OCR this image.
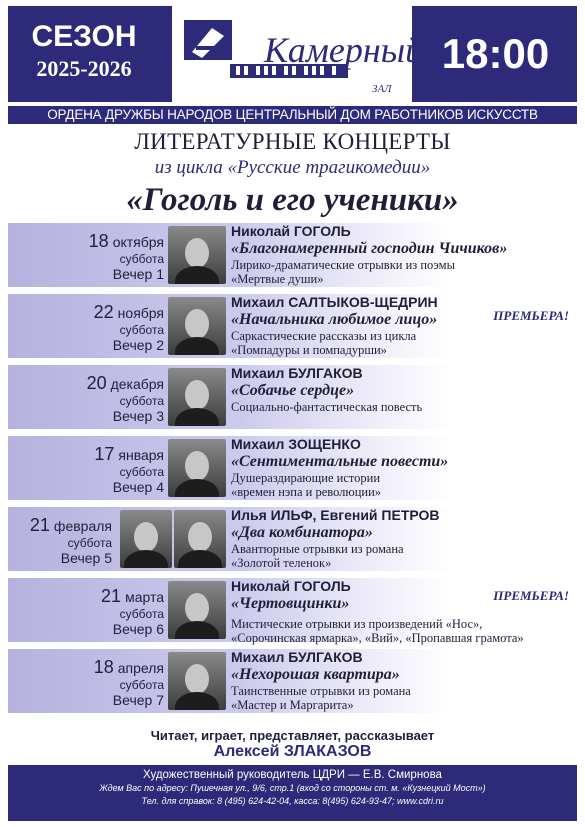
СЕЗОН
2025-2026	Камерный
ЗАЛ
18:00
ОРДЕНА ДРУЖБЫ НАРОДОВ ЦЕНТРАЛЬНЫЙ ДОМ РАБОТНИКОВ ИСКУССТВ
ЛИТЕРАТУРНЫЕ КОНЦЕРТЫ
из цикла «Русские трагикомедии»
«Гоголь и его ученики»
18 октября
суббота
Вечер 1
Николай ГОГОЛЬ
«Благонамеренный господин Чичиков»
Лирико-драматические отрывки из поэмы
«Мертвые души»
22 ноября
суббота
Вечер 2
Михаил САЛТЫКОВ-ЩЕДРИН
«Начальника любимое лицо»
Саркастические рассказы из цикла
«Помпадуры и помпадурши»
ПРЕМЬЕРА!
20 декабря
суббота
Вечер 3
Михаил БУЛГАКОВ
«Собачье сердце»
Социально-фантастическая повесть
17 января
суббота
Вечер 4
Михаил ЗОЩЕНКО
«Сентиментальные повести»
Душераздирающие истории
«времен нэпа и революции»
21 февраля
суббота
Вечер 5
Илья ИЛЬФ, Евгений ПЕТРОВ
«Два комбинатора»
Авантюрные отрывки из романа
«Золотой теленок»
21 марта
суббота
Вечер 6
Николай ГОГОЛЬ
«Чертовщинки»
Мистические отрывки из произведений «Нос»,
«Сорочинская ярмарка», «Вий», «Пропавшая грамота»
ПРЕМЬЕРА!
18 апреля
суббота
Вечер 7
Михаил БУЛГАКОВ
«Нехорошая квартира»
Таинственные отрывки из романа
«Мастер и Маргарита»
Читает, играет, представляет, рассказывает
Алексей ЗЛАКАЗОВ
Художественный руководитель ЦДРИ — Е.В. Смирнова
Ждем Вас по адресу: Пушечная ул., 9/6, стр.1 (вход со стороны ст. м. «Кузнецкий Мост»)
Тел. для справок: 8 (495) 624-42-04, касса: 8(495) 624-93-47; www.cdri.ru
